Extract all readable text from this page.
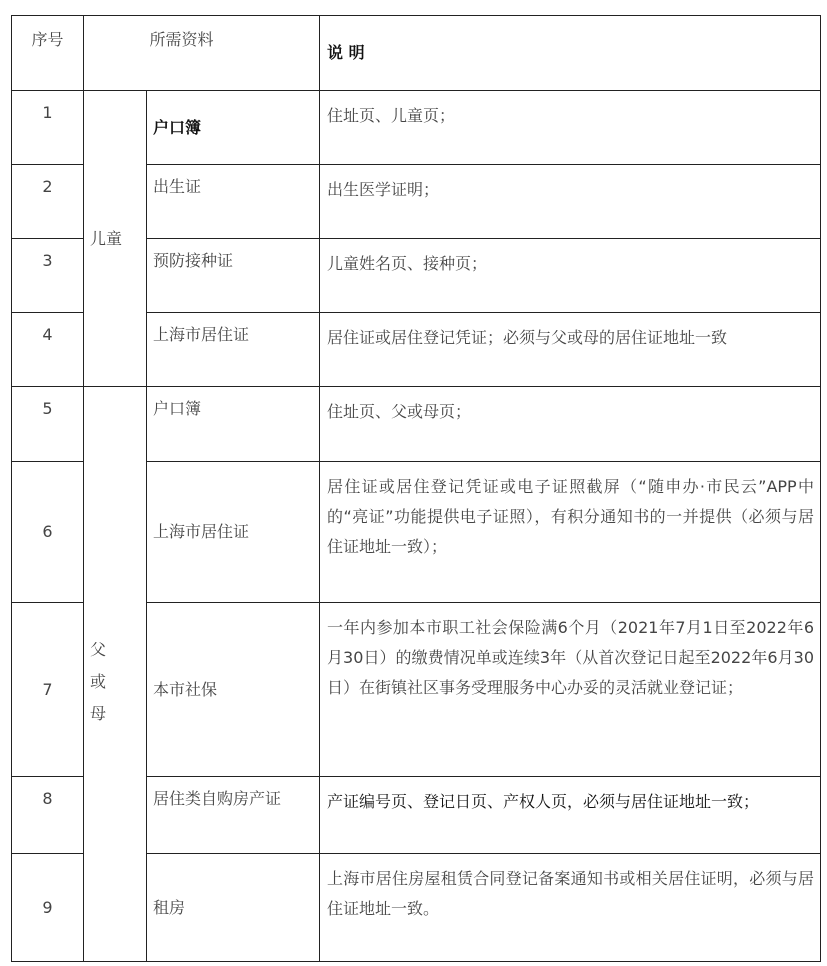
序号	所需资料		说 明
1	儿童	户口簿	住址页、儿童页；
2		出生证	出生医学证明；
3		预防接种证	儿童姓名页、接种页；
4		上海市居住证	居住证或居住登记凭证；必须与父或母的居住证地址一致
5	父或母	户口簿	住址页、父或母页；
6		上海市居住证	居住证或居住登记凭证或电子证照截屏（“随申办·市民云”APP中的“亮证”功能提供电子证照），有积分通知书的一并提供（必须与居住证地址一致）；
7		本市社保	一年内参加本市职工社会保险满6个月（2021年7月1日至2022年6月30日）的缴费情况单或连续3年（从首次登记日起至2022年6月30日）在街镇社区事务受理服务中心办妥的灵活就业登记证；
8		居住类自购房产证	产证编号页、登记日页、产权人页，必须与居住证地址一致；
9		租房	上海市居住房屋租赁合同登记备案通知书或相关居住证明，必须与居住证地址一致。
